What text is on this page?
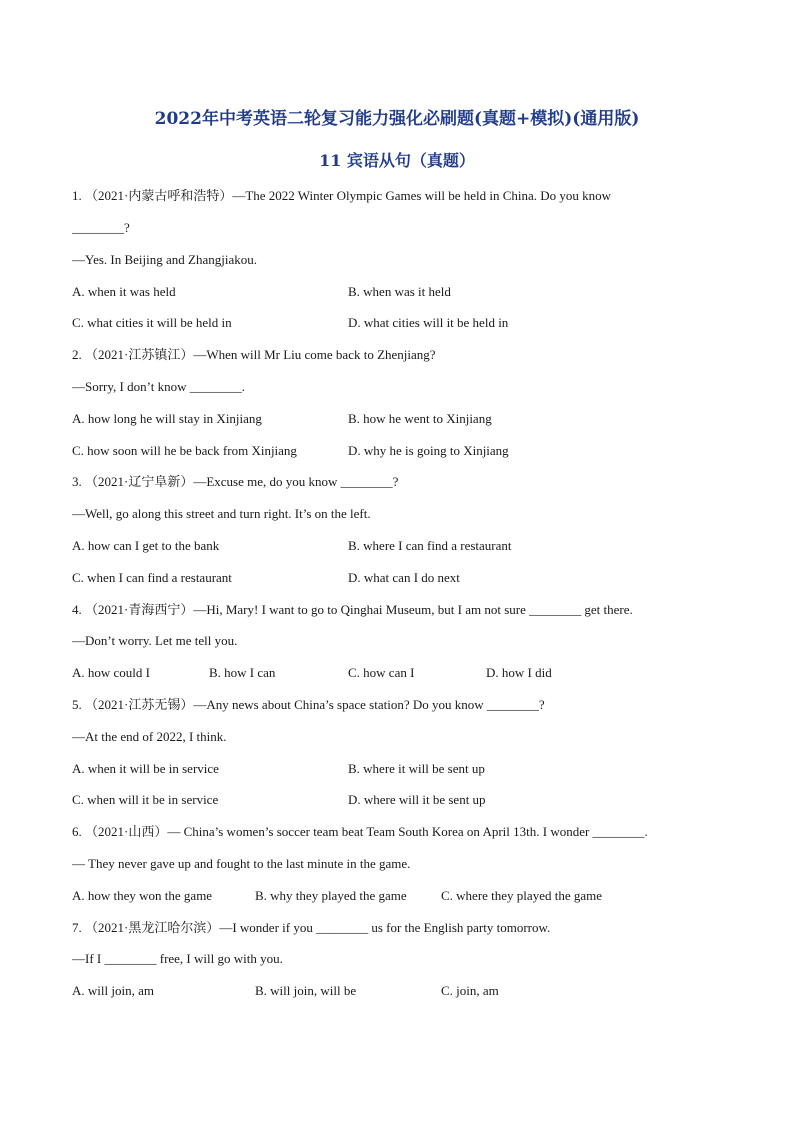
2022年中考英语二轮复习能力强化必刷题(真题+模拟)(通用版)
11 宾语从句（真题）
1. （2021·内蒙古呼和浩特）—The 2022 Winter Olympic Games will be held in China. Do you know
________?
—Yes. In Beijing and Zhangjiakou.
A. when it was held	B. when was it held
C. what cities it will be held in	D. what cities will it be held in
2. （2021·江苏镇江）—When will Mr Liu come back to Zhenjiang?
—Sorry, I don’t know ________.
A. how long he will stay in Xinjiang	B. how he went to Xinjiang
C. how soon will he be back from Xinjiang	D. why he is going to Xinjiang
3. （2021·辽宁阜新）—Excuse me, do you know ________?
—Well, go along this street and turn right. It’s on the left.
A. how can I get to the bank	B. where I can find a restaurant
C. when I can find a restaurant	D. what can I do next
4. （2021·青海西宁）—Hi, Mary! I want to go to Qinghai Museum, but I am not sure ________ get there.
—Don’t worry. Let me tell you.
A. how could I	B. how I can	C. how can I	D. how I did
5. （2021·江苏无锡）—Any news about China’s space station? Do you know ________?
—At the end of 2022, I think.
A. when it will be in service	B. where it will be sent up
C. when will it be in service	D. where will it be sent up
6. （2021·山西）— China’s women’s soccer team beat Team South Korea on April 13th. I wonder ________.
— They never gave up and fought to the last minute in the game.
A. how they won the game	B. why they played the game	C. where they played the game
7. （2021·黑龙江哈尔滨）—I wonder if you ________ us for the English party tomorrow.
—If I ________ free, I will go with you.
A. will join, am	B. will join, will be	C. join, am
